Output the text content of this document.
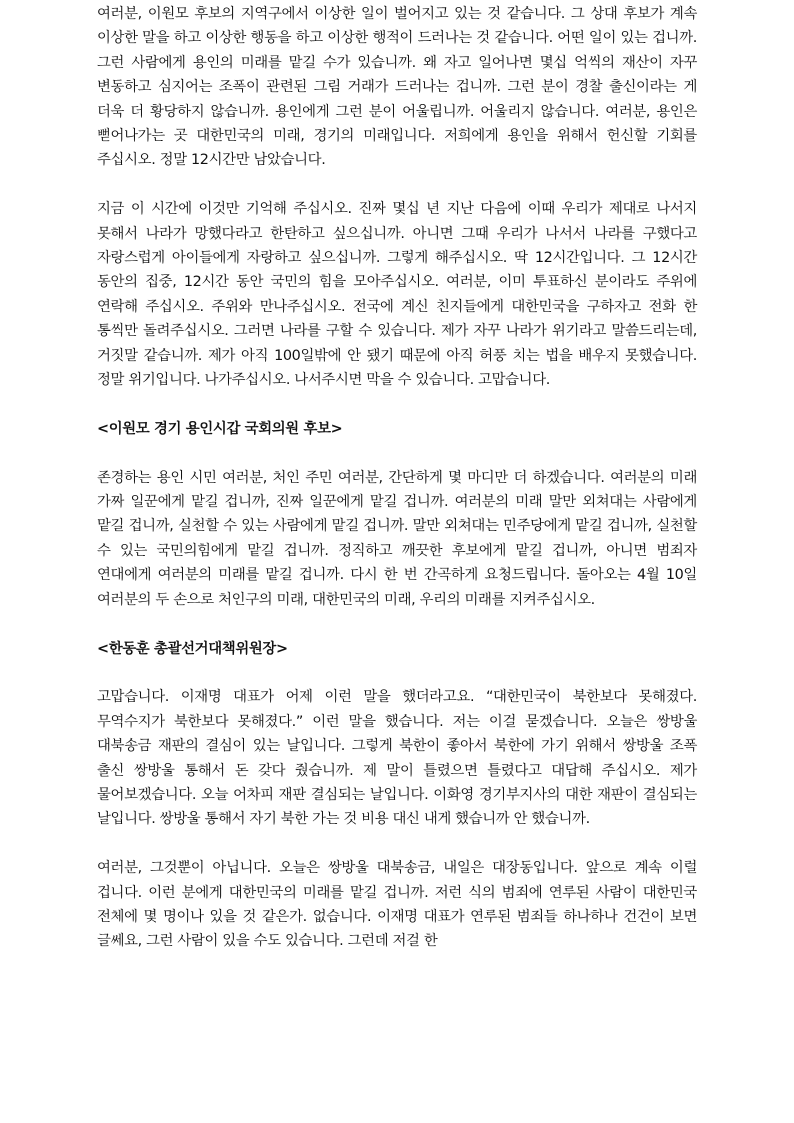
여러분, 이원모 후보의 지역구에서 이상한 일이 벌어지고 있는 것 같습니다. 그 상대 후보가 계속 이상한 말을 하고 이상한 행동을 하고 이상한 행적이 드러나는 것 같습니다. 어떤 일이 있는 겁니까. 그런 사람에게 용인의 미래를 맡길 수가 있습니까. 왜 자고 일어나면 몇십 억씩의 재산이 자꾸 변동하고 심지어는 조폭이 관련된 그림 거래가 드러나는 겁니까. 그런 분이 경찰 출신이라는 게 더욱 더 황당하지 않습니까. 용인에게 그런 분이 어울립니까. 어울리지 않습니다. 여러분, 용인은 뻗어나가는 곳 대한민국의 미래, 경기의 미래입니다. 저희에게 용인을 위해서 헌신할 기회를 주십시오. 정말 12시간만 남았습니다.

지금 이 시간에 이것만 기억해 주십시오. 진짜 몇십 년 지난 다음에 이때 우리가 제대로 나서지 못해서 나라가 망했다라고 한탄하고 싶으십니까. 아니면 그때 우리가 나서서 나라를 구했다고 자랑스럽게 아이들에게 자랑하고 싶으십니까. 그렇게 해주십시오. 딱 12시간입니다. 그 12시간 동안의 집중, 12시간 동안 국민의 힘을 모아주십시오. 여러분, 이미 투표하신 분이라도 주위에 연락해 주십시오. 주위와 만나주십시오. 전국에 계신 친지들에게 대한민국을 구하자고 전화 한 통씩만 돌려주십시오. 그러면 나라를 구할 수 있습니다. 제가 자꾸 나라가 위기라고 말씀드리는데, 거짓말 같습니까. 제가 아직 100일밖에 안 됐기 때문에 아직 허풍 치는 법을 배우지 못했습니다. 정말 위기입니다. 나가주십시오. 나서주시면 막을 수 있습니다. 고맙습니다.

<이원모 경기 용인시갑 국회의원 후보>

존경하는 용인 시민 여러분, 처인 주민 여러분, 간단하게 몇 마디만 더 하겠습니다. 여러분의 미래 가짜 일꾼에게 맡길 겁니까, 진짜 일꾼에게 맡길 겁니까. 여러분의 미래 말만 외쳐대는 사람에게 맡길 겁니까, 실천할 수 있는 사람에게 맡길 겁니까. 말만 외쳐대는 민주당에게 맡길 겁니까, 실천할 수 있는 국민의힘에게 맡길 겁니까. 정직하고 깨끗한 후보에게 맡길 겁니까, 아니면 범죄자 연대에게 여러분의 미래를 맡길 겁니까. 다시 한 번 간곡하게 요청드립니다. 돌아오는 4월 10일 여러분의 두 손으로 처인구의 미래, 대한민국의 미래, 우리의 미래를 지켜주십시오.

<한동훈 총괄선거대책위원장>

고맙습니다. 이재명 대표가 어제 이런 말을 했더라고요. “대한민국이 북한보다 못해졌다. 무역수지가 북한보다 못해졌다.” 이런 말을 했습니다. 저는 이걸 묻겠습니다. 오늘은 쌍방울 대북송금 재판의 결심이 있는 날입니다. 그렇게 북한이 좋아서 북한에 가기 위해서 쌍방울 조폭 출신 쌍방울 통해서 돈 갖다 줬습니까. 제 말이 틀렸으면 틀렸다고 대답해 주십시오. 제가 물어보겠습니다. 오늘 어차피 재판 결심되는 날입니다. 이화영 경기부지사의 대한 재판이 결심되는 날입니다. 쌍방울 통해서 자기 북한 가는 것 비용 대신 내게 했습니까 안 했습니까.

여러분, 그것뿐이 아닙니다. 오늘은 쌍방울 대북송금, 내일은 대장동입니다. 앞으로 계속 이럴 겁니다. 이런 분에게 대한민국의 미래를 맡길 겁니까. 저런 식의 범죄에 연루된 사람이 대한민국 전체에 몇 명이나 있을 것 같은가. 없습니다. 이재명 대표가 연루된 범죄들 하나하나 건건이 보면 글쎄요, 그런 사람이 있을 수도 있습니다. 그런데 저걸 한
